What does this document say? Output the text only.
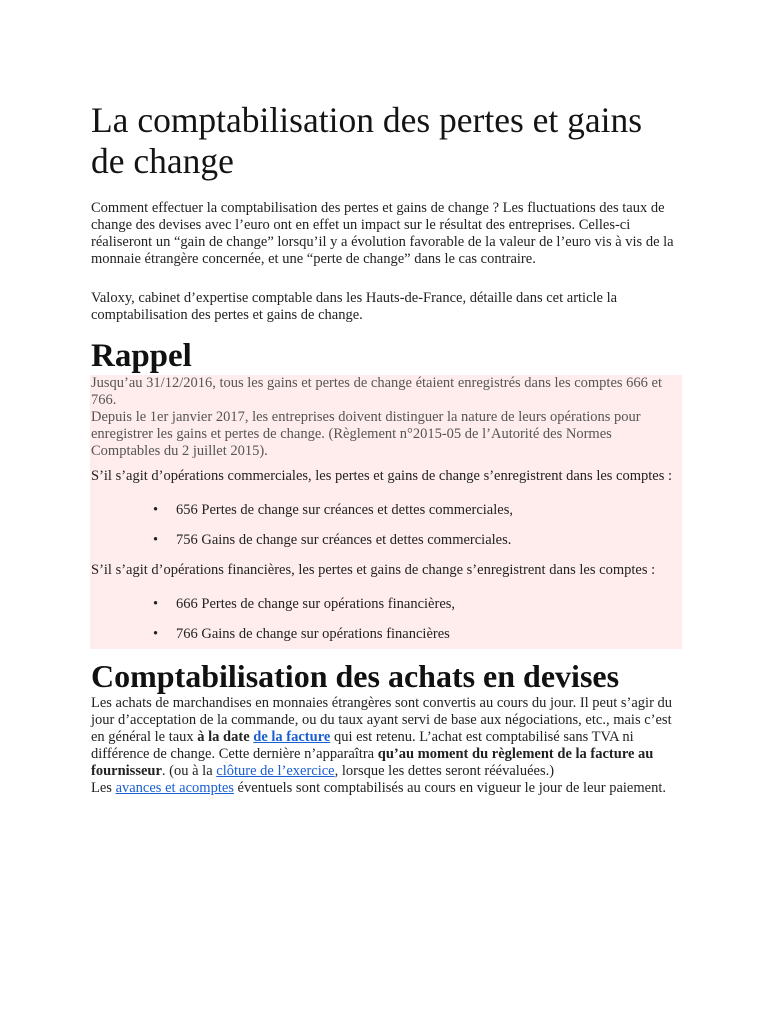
La comptabilisation des pertes et gains de change

Comment effectuer la comptabilisation des pertes et gains de change ? Les fluctuations des taux de change des devises avec l’euro ont en effet un impact sur le résultat des entreprises. Celles-ci réaliseront un “gain de change” lorsqu’il y a évolution favorable de la valeur de l’euro vis à vis de la monnaie étrangère concernée, et une “perte de change” dans le cas contraire.

Valoxy, cabinet d’expertise comptable dans les Hauts-de-France, détaille dans cet article la comptabilisation des pertes et gains de change.

Rappel

Jusqu’au 31/12/2016, tous les gains et pertes de change étaient enregistrés dans les comptes 666 et 766.

Depuis le 1er janvier 2017, les entreprises doivent distinguer la nature de leurs opérations pour enregistrer les gains et pertes de change. (Règlement n°2015-05 de l’Autorité des Normes Comptables du 2 juillet 2015).

S’il s’agit d’opérations commerciales, les pertes et gains de change s’enregistrent dans les comptes :

• 656 Pertes de change sur créances et dettes commerciales,
• 756 Gains de change sur créances et dettes commerciales.

S’il s’agit d’opérations financières, les pertes et gains de change s’enregistrent dans les comptes :

• 666 Pertes de change sur opérations financières,
• 766 Gains de change sur opérations financières
Comptabilisation des achats en devises

Les achats de marchandises en monnaies étrangères sont convertis au cours du jour. Il peut s’agir du jour d’acceptation de la commande, ou du taux ayant servi de base aux négociations, etc., mais c’est en général le taux à la date de la facture qui est retenu. L’achat est comptabilisé sans TVA ni différence de change. Cette dernière n’apparaîtra qu’au moment du règlement de la facture au fournisseur. (ou à la clôture de l’exercice, lorsque les dettes seront réévaluées.)
Les avances et acomptes éventuels sont comptabilisés au cours en vigueur le jour de leur paiement.
